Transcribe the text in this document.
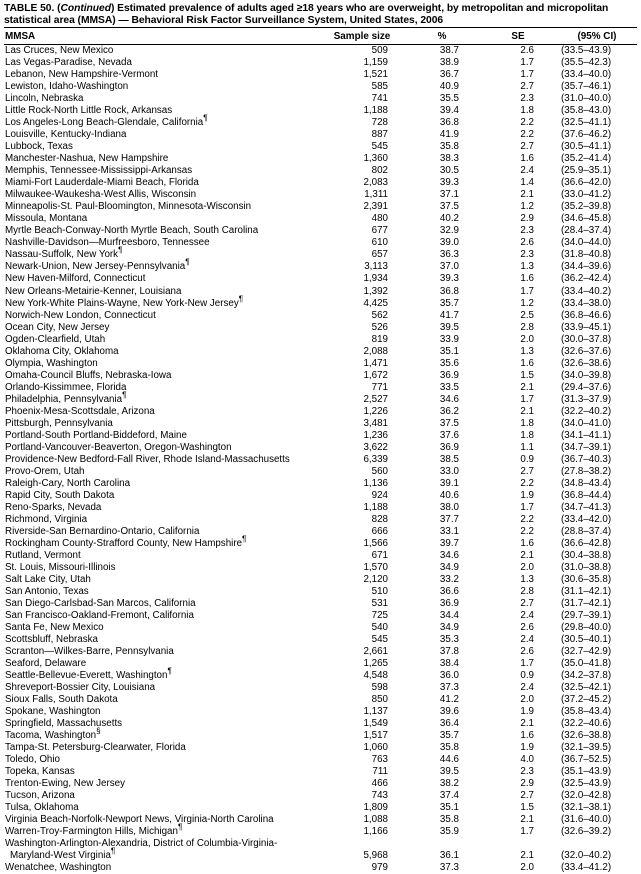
TABLE 50. (Continued) Estimated prevalence of adults aged ≥18 years who are overweight, by metropolitan and micropolitan statistical area (MMSA) — Behavioral Risk Factor Surveillance System, United States, 2006
MMSA	Sample size	%	SE	(95% CI)
Las Cruces, New Mexico	509	38.7	2.6	(33.5–43.9)
Las Vegas-Paradise, Nevada	1,159	38.9	1.7	(35.5–42.3)
Lebanon, New Hampshire-Vermont	1,521	36.7	1.7	(33.4–40.0)
Lewiston, Idaho-Washington	585	40.9	2.7	(35.7–46.1)
Lincoln, Nebraska	741	35.5	2.3	(31.0–40.0)
Little Rock-North Little Rock, Arkansas	1,188	39.4	1.8	(35.8–43.0)
Los Angeles-Long Beach-Glendale, California¶	728	36.8	2.2	(32.5–41.1)
Louisville, Kentucky-Indiana	887	41.9	2.2	(37.6–46.2)
Lubbock, Texas	545	35.8	2.7	(30.5–41.1)
Manchester-Nashua, New Hampshire	1,360	38.3	1.6	(35.2–41.4)
Memphis, Tennessee-Mississippi-Arkansas	802	30.5	2.4	(25.9–35.1)
Miami-Fort Lauderdale-Miami Beach, Florida	2,083	39.3	1.4	(36.6–42.0)
Milwaukee-Waukesha-West Allis, Wisconsin	1,311	37.1	2.1	(33.0–41.2)
Minneapolis-St. Paul-Bloomington, Minnesota-Wisconsin	2,391	37.5	1.2	(35.2–39.8)
Missoula, Montana	480	40.2	2.9	(34.6–45.8)
Myrtle Beach-Conway-North Myrtle Beach, South Carolina	677	32.9	2.3	(28.4–37.4)
Nashville-Davidson—Murfreesboro, Tennessee	610	39.0	2.6	(34.0–44.0)
Nassau-Suffolk, New York¶	657	36.3	2.3	(31.8–40.8)
Newark-Union, New Jersey-Pennsylvania¶	3,113	37.0	1.3	(34.4–39.6)
New Haven-Milford, Connecticut	1,934	39.3	1.6	(36.2–42.4)
New Orleans-Metairie-Kenner, Louisiana	1,392	36.8	1.7	(33.4–40.2)
New York-White Plains-Wayne, New York-New Jersey¶	4,425	35.7	1.2	(33.4–38.0)
Norwich-New London, Connecticut	562	41.7	2.5	(36.8–46.6)
Ocean City, New Jersey	526	39.5	2.8	(33.9–45.1)
Ogden-Clearfield, Utah	819	33.9	2.0	(30.0–37.8)
Oklahoma City, Oklahoma	2,088	35.1	1.3	(32.6–37.6)
Olympia, Washington	1,471	35.6	1.6	(32.6–38.6)
Omaha-Council Bluffs, Nebraska-Iowa	1,672	36.9	1.5	(34.0–39.8)
Orlando-Kissimmee, Florida	771	33.5	2.1	(29.4–37.6)
Philadelphia, Pennsylvania¶	2,527	34.6	1.7	(31.3–37.9)
Phoenix-Mesa-Scottsdale, Arizona	1,226	36.2	2.1	(32.2–40.2)
Pittsburgh, Pennsylvania	3,481	37.5	1.8	(34.0–41.0)
Portland-South Portland-Biddeford, Maine	1,236	37.6	1.8	(34.1–41.1)
Portland-Vancouver-Beaverton, Oregon-Washington	3,622	36.9	1.1	(34.7–39.1)
Providence-New Bedford-Fall River, Rhode Island-Massachusetts	6,339	38.5	0.9	(36.7–40.3)
Provo-Orem, Utah	560	33.0	2.7	(27.8–38.2)
Raleigh-Cary, North Carolina	1,136	39.1	2.2	(34.8–43.4)
Rapid City, South Dakota	924	40.6	1.9	(36.8–44.4)
Reno-Sparks, Nevada	1,188	38.0	1.7	(34.7–41.3)
Richmond, Virginia	828	37.7	2.2	(33.4–42.0)
Riverside-San Bernardino-Ontario, California	666	33.1	2.2	(28.8–37.4)
Rockingham County-Strafford County, New Hampshire¶	1,566	39.7	1.6	(36.6–42.8)
Rutland, Vermont	671	34.6	2.1	(30.4–38.8)
St. Louis, Missouri-Illinois	1,570	34.9	2.0	(31.0–38.8)
Salt Lake City, Utah	2,120	33.2	1.3	(30.6–35.8)
San Antonio, Texas	510	36.6	2.8	(31.1–42.1)
San Diego-Carlsbad-San Marcos, California	531	36.9	2.7	(31.7–42.1)
San Francisco-Oakland-Fremont, California	725	34.4	2.4	(29.7–39.1)
Santa Fe, New Mexico	540	34.9	2.6	(29.8–40.0)
Scottsbluff, Nebraska	545	35.3	2.4	(30.5–40.1)
Scranton—Wilkes-Barre, Pennsylvania	2,661	37.8	2.6	(32.7–42.9)
Seaford, Delaware	1,265	38.4	1.7	(35.0–41.8)
Seattle-Bellevue-Everett, Washington¶	4,548	36.0	0.9	(34.2–37.8)
Shreveport-Bossier City, Louisiana	598	37.3	2.4	(32.5–42.1)
Sioux Falls, South Dakota	850	41.2	2.0	(37.2–45.2)
Spokane, Washington	1,137	39.6	1.9	(35.8–43.4)
Springfield, Massachusetts	1,549	36.4	2.1	(32.2–40.6)
Tacoma, Washington§	1,517	35.7	1.6	(32.6–38.8)
Tampa-St. Petersburg-Clearwater, Florida	1,060	35.8	1.9	(32.1–39.5)
Toledo, Ohio	763	44.6	4.0	(36.7–52.5)
Topeka, Kansas	711	39.5	2.3	(35.1–43.9)
Trenton-Ewing, New Jersey	466	38.2	2.9	(32.5–43.9)
Tucson, Arizona	743	37.4	2.7	(32.0–42.8)
Tulsa, Oklahoma	1,809	35.1	1.5	(32.1–38.1)
Virginia Beach-Norfolk-Newport News, Virginia-North Carolina	1,088	35.8	2.1	(31.6–40.0)
Warren-Troy-Farmington Hills, Michigan¶	1,166	35.9	1.7	(32.6–39.2)
Washington-Arlington-Alexandria, District of Columbia-Virginia-				
Maryland-West Virginia¶	5,968	36.1	2.1	(32.0–40.2)
Wenatchee, Washington	979	37.3	2.0	(33.4–41.2)
